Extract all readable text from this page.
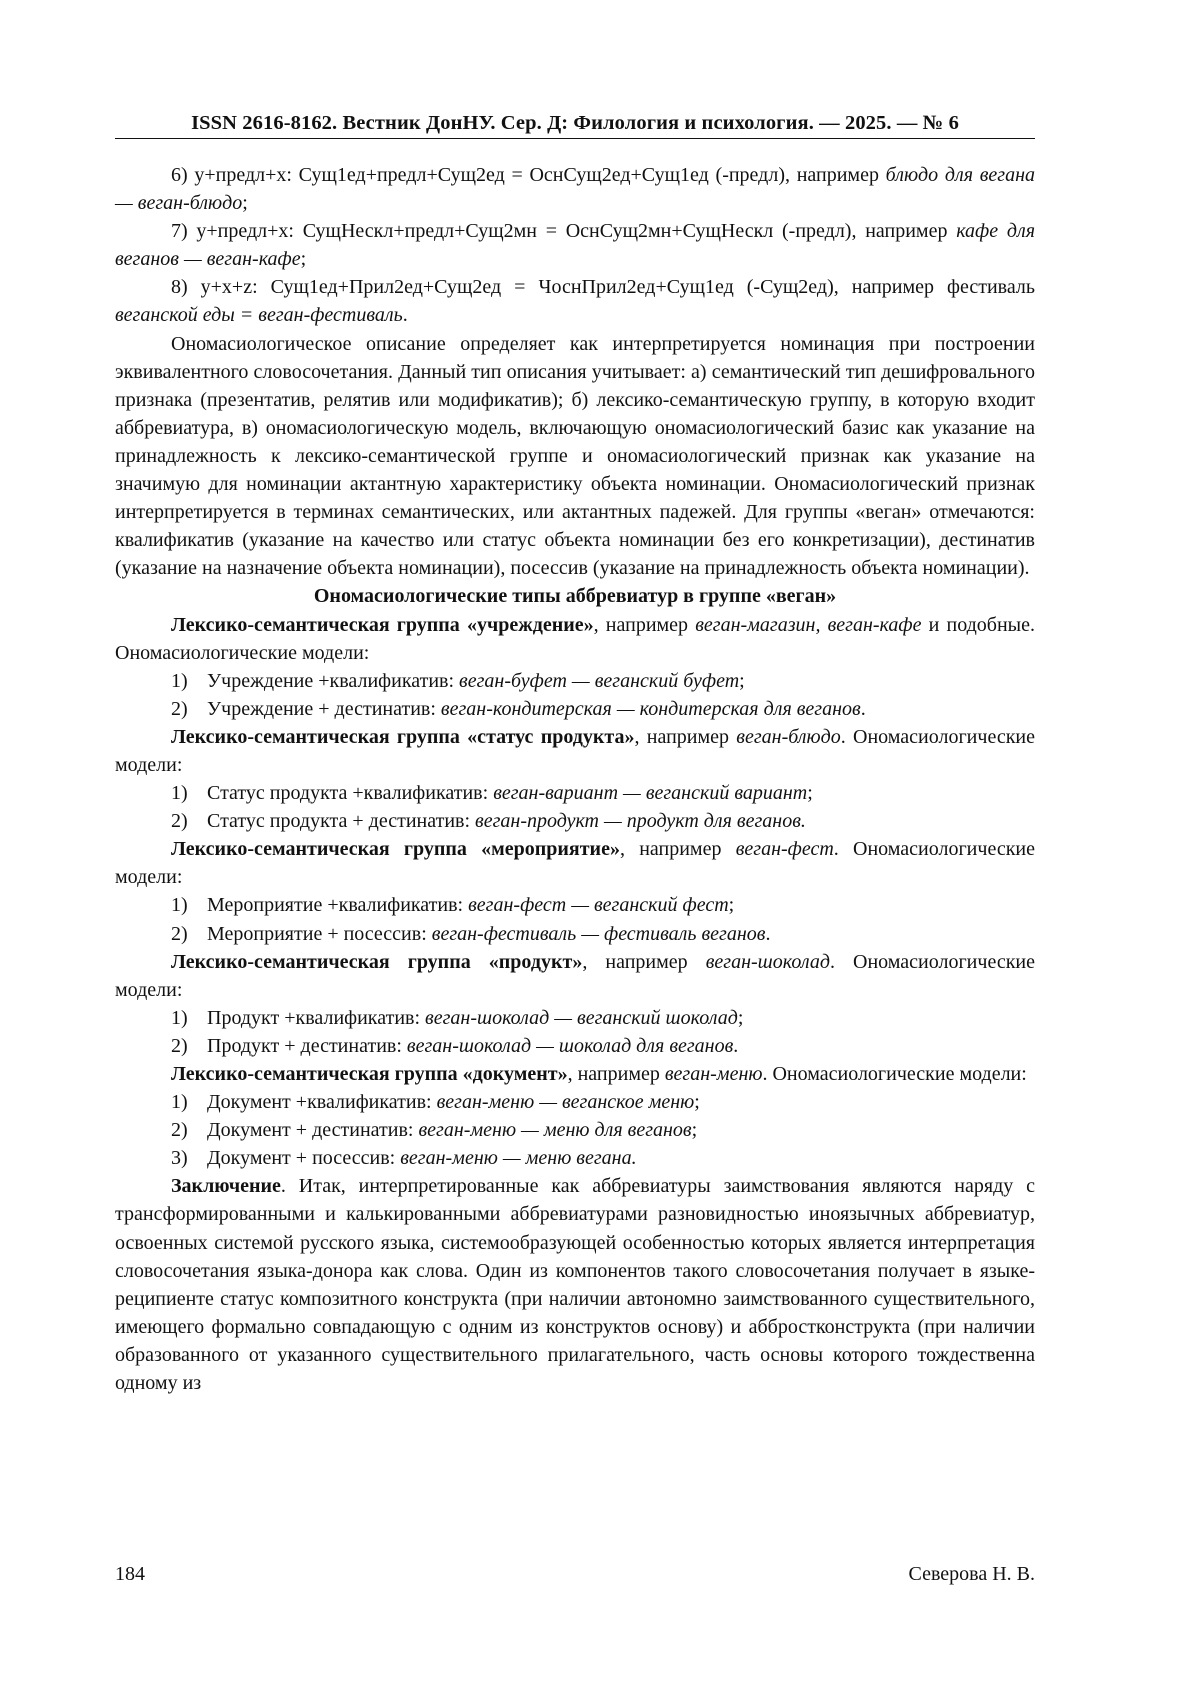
ISSN 2616-8162. Вестник ДонНУ. Сер. Д: Филология и психология. — 2025. — № 6

6) у+предл+х: Сущ1ед+предл+Сущ2ед = ОснСущ2ед+Сущ1ед (-предл), например блюдо для вегана — веган-блюдо;

7) у+предл+х: СущНескл+предл+Сущ2мн = ОснСущ2мн+СущНескл (-предл), например кафе для веганов — веган-кафе;

8) у+х+z: Сущ1ед+Прил2ед+Сущ2ед = ЧоснПрил2ед+Сущ1ед (-Сущ2ед), например фестиваль веганской еды = веган-фестиваль.

Ономасиологическое описание определяет как интерпретируется номинация при построении эквивалентного словосочетания. Данный тип описания учитывает: а) семантический тип дешифровального признака (презентатив, релятив или модификатив); б) лексико-семантическую группу, в которую входит аббревиатура, в) ономасиологическую модель, включающую ономасиологический базис как указание на принадлежность к лексико-семантической группе и ономасиологический признак как указание на значимую для номинации актантную характеристику объекта номинации. Ономасиологический признак интерпретируется в терминах семантических, или актантных падежей. Для группы «веган» отмечаются: квалификатив (указание на качество или статус объекта номинации без его конкретизации), дестинатив (указание на назначение объекта номинации), посессив (указание на принадлежность объекта номинации).

Ономасиологические типы аббревиатур в группе «веган»

Лексико-семантическая группа «учреждение», например веган-магазин, веган-кафе и подобные. Ономасиологические модели:

1) Учреждение +квалификатив: веган-буфет — веганский буфет;
2) Учреждение + дестинатив: веган-кондитерская — кондитерская для веганов.

Лексико-семантическая группа «статус продукта», например веган-блюдо. Ономасиологические модели:

1) Статус продукта +квалификатив: веган-вариант — веганский вариант;
2) Статус продукта + дестинатив: веган-продукт — продукт для веганов.

Лексико-семантическая группа «мероприятие», например веган-фест. Ономасиологические модели:

1) Мероприятие +квалификатив: веган-фест — веганский фест;
2) Мероприятие + посессив: веган-фестиваль — фестиваль веганов.

Лексико-семантическая группа «продукт», например веган-шоколад. Ономасиологические модели:

1) Продукт +квалификатив: веган-шоколад — веганский шоколад;
2) Продукт + дестинатив: веган-шоколад — шоколад для веганов.

Лексико-семантическая группа «документ», например веган-меню. Ономасиологические модели:

1) Документ +квалификатив: веган-меню — веганское меню;
2) Документ + дестинатив: веган-меню — меню для веганов;
3) Документ + посессив: веган-меню — меню вегана.

Заключение. Итак, интерпретированные как аббревиатуры заимствования являются наряду с трансформированными и калькированными аббревиатурами разновидностью иноязычных аббревиатур, освоенных системой русского языка, системообразующей особенностью которых является интерпретация словосочетания языка-донора как слова. Один из компонентов такого словосочетания получает в языке-реципиенте статус композитного конструкта (при наличии автономно заимствованного существительного, имеющего формально совпадающую с одним из конструктов основу) и аббростконструкта (при наличии образованного от указанного существительного прилагательного, часть основы которого тождественна одному из

184	Северова Н. В.
